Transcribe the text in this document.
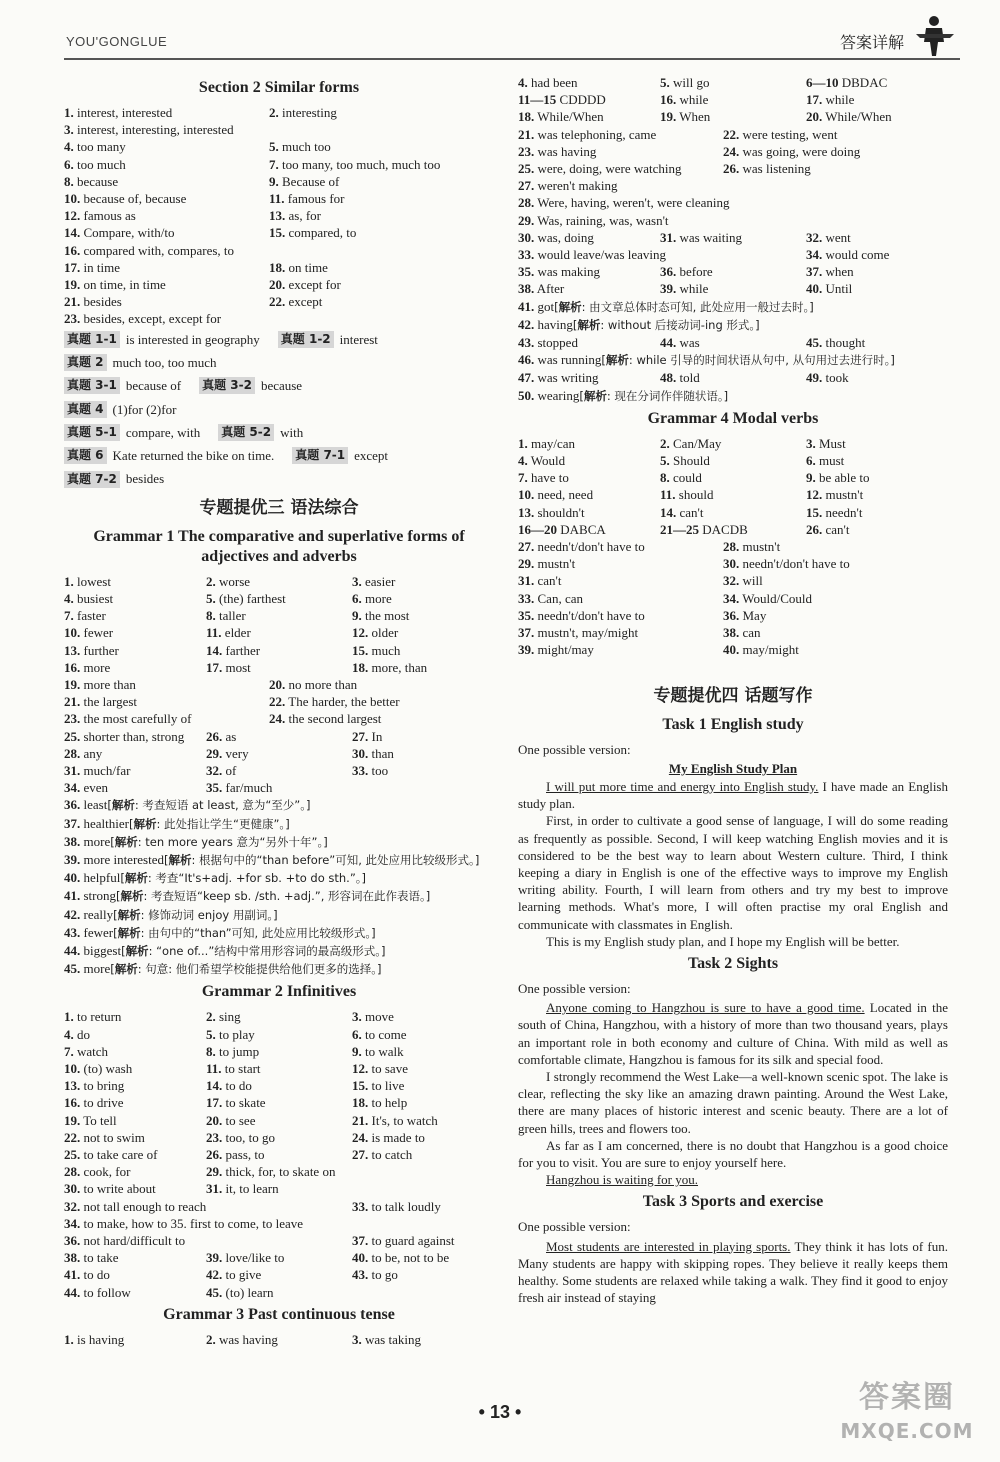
YOU'GONGLUE	答案详解
Section 2 Similar forms
1. interest, interested	2. interesting
3. interest, interesting, interested
4. too many	5. much too
6. too much	7. too many, too much, much too
8. because	9. Because of
10. because of, because	11. famous for
12. famous as	13. as, for
14. Compare, with/to	15. compared, to
16. compared with, compares, to
17. in time	18. on time
19. on time, in time	20. except for
21. besides	22. except
23. besides, except, except for
真题 1-1 is interested in geography 真题 1-2 interest
真题 2 much too, too much
真题 3-1 because of 真题 3-2 because
真题 4 (1)for (2)for
真题 5-1 compare, with 真题 5-2 with
真题 6 Kate returned the bike on time. 真题 7-1 except
真题 7-2 besides
专题提优三 语法综合
Grammar 1 The comparative and superlative forms of
adjectives and adverbs
1. lowest	2. worse	3. easier
4. busiest	5. (the) farthest	6. more
7. faster	8. taller	9. the most
10. fewer	11. elder	12. older
13. further	14. farther	15. much
16. more	17. most	18. more, than
19. more than	20. no more than
21. the largest	22. The harder, the better
23. the most carefully of	24. the second largest
25. shorter than, strong	26. as	27. In
28. any	29. very	30. than
31. much/far	32. of	33. too
34. even	35. far/much
36. least[解析: 考查短语 at least, 意为“至少”。]
37. healthier[解析: 此处指让学生“更健康”。]
38. more[解析: ten more years 意为“另外十年”。]
39. more interested[解析: 根据句中的“than before”可知, 此处应用比较级形式。]
40. helpful[解析: 考查“It's+adj. +for sb. +to do sth.”。]
41. strong[解析: 考查短语“keep sb. /sth. +adj.”, 形容词在此作表语。]
42. really[解析: 修饰动词 enjoy 用副词。]
43. fewer[解析: 由句中的“than”可知, 此处应用比较级形式。]
44. biggest[解析: “one of...”结构中常用形容词的最高级形式。]
45. more[解析: 句意: 他们希望学校能提供给他们更多的选择。]
Grammar 2 Infinitives
1. to return	2. sing	3. move
4. do	5. to play	6. to come
7. watch	8. to jump	9. to walk
10. (to) wash	11. to start	12. to save
13. to bring	14. to do	15. to live
16. to drive	17. to skate	18. to help
19. To tell	20. to see	21. It's, to watch
22. not to swim	23. too, to go	24. is made to
25. to take care of	26. pass, to	27. to catch
28. cook, for	29. thick, for, to skate on
30. to write about	31. it, to learn
32. not tall enough to reach	33. to talk loudly
34. to make, how to 35. first to come, to leave
36. not hard/difficult to	37. to guard against
38. to take	39. love/like to	40. to be, not to be
41. to do	42. to give	43. to go
44. to follow	45. (to) learn
Grammar 3 Past continuous tense
1. is having	2. was having	3. was taking
4. had been	5. will go	6—10 DBDAC
11—15 CDDDD	16. while	17. while
18. While/When	19. When	20. While/When
21. was telephoning, came	22. were testing, went
23. was having	24. was going, were doing
25. were, doing, were watching	26. was listening
27. weren't making
28. Were, having, weren't, were cleaning
29. Was, raining, was, wasn't
30. was, doing	31. was waiting	32. went
33. would leave/was leaving	34. would come
35. was making	36. before	37. when
38. After	39. while	40. Until
41. got[解析: 由文章总体时态可知, 此处应用一般过去时。]
42. having[解析: without 后接动词-ing 形式。]
43. stopped	44. was	45. thought
46. was running[解析: while 引导的时间状语从句中, 从句用过去进行时。]
47. was writing	48. told	49. took
50. wearing[解析: 现在分词作伴随状语。]
Grammar 4 Modal verbs
1. may/can	2. Can/May	3. Must
4. Would	5. Should	6. must
7. have to	8. could	9. be able to
10. need, need	11. should	12. mustn't
13. shouldn't	14. can't	15. needn't
16—20 DABCA	21—25 DACDB	26. can't
27. needn't/don't have to	28. mustn't
29. mustn't	30. needn't/don't have to
31. can't	32. will
33. Can, can	34. Would/Could
35. needn't/don't have to	36. May
37. mustn't, may/might	38. can
39. might/may	40. may/might
专题提优四 话题写作
Task 1 English study
One possible version:
My English Study Plan

I will put more time and energy into English study. I have made an English study plan.

First, in order to cultivate a good sense of language, I will do some reading as frequently as possible. Second, I will keep watching English movies and it is considered to be the best way to learn about Western culture. Third, I think keeping a diary in English is one of the effective ways to improve my English writing ability. Fourth, I will learn from others and try my best to improve learning methods. What's more, I will often practise my oral English and communicate with classmates in English.

This is my English study plan, and I hope my English will be better.

Task 2 Sights
One possible version:

Anyone coming to Hangzhou is sure to have a good time. Located in the south of China, Hangzhou, with a history of more than two thousand years, plays an important role in both economy and culture of China. With mild as well as comfortable climate, Hangzhou is famous for its silk and special food.

I strongly recommend the West Lake—a well-known scenic spot. The lake is clear, reflecting the sky like an amazing drawn painting. Around the West Lake, there are many places of historic interest and scenic beauty. There are a lot of green hills, trees and flowers too.

As far as I am concerned, there is no doubt that Hangzhou is a good choice for you to visit. You are sure to enjoy yourself here.

Hangzhou is waiting for you.

Task 3 Sports and exercise
One possible version:

Most students are interested in playing sports. They think it has lots of fun. Many students are happy with skipping ropes. They believe it really keeps them healthy. Some students are relaxed while taking a walk. They find it good to enjoy fresh air instead of staying

• 13 •	答案圈
MXQE.COM
